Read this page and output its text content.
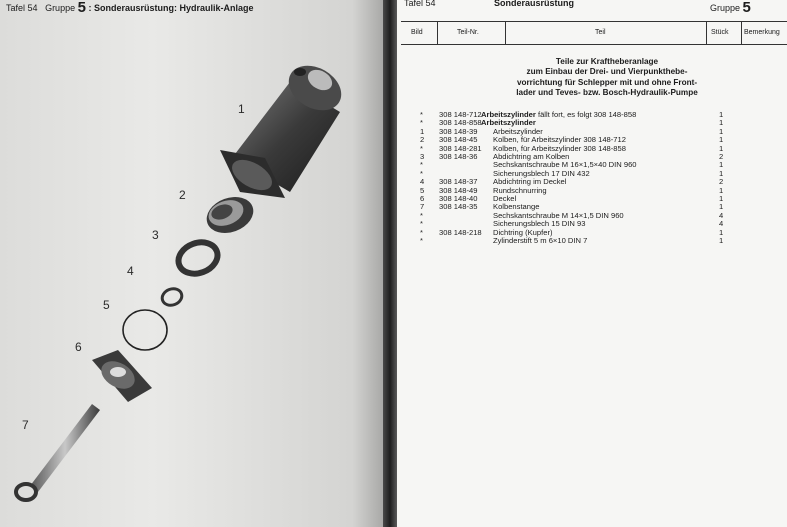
Tafel 54 Gruppe 5 : Sonderausrüstung: Hydraulik-Anlage
1
2
3
4
5
6
7
Tafel 54	Sonderausrüstung	Gruppe 5
Bild	Teil-Nr.	Teil	Stück Bemerkung
Teile zur Kraftheberanlage
zum Einbau der Drei- und Vierpunkthebe-
vorrichtung für Schlepper mit und ohne Front-
lader und Teves- bzw. Bosch-Hydraulik-Pumpe
* 308 148-712 Arbeitszylinder fällt fort, es folgt 308 148-858	1
* 308 148-858 Arbeitszylinder	1
1 308 148-39 Arbeitszylinder	1
2 308 148-45 Kolben, für Arbeitszylinder 308 148-712	1
* 308 148-281 Kolben, für Arbeitszylinder 308 148-858	1
3 308 148-36 Abdichtring am Kolben	2
*	Sechskantschraube M 16×1,5×40 DIN 960	1
*	Sicherungsblech 17 DIN 432	1
4 308 148-37 Abdichtring im Deckel	2
5 308 148-49 Rundschnurring	1
6 308 148-40 Deckel	1
7 308 148-35 Kolbenstange	1
*	Sechskantschraube M 14×1,5 DIN 960	4
*	Sicherungsblech 15 DIN 93	4
* 308 148-218 Dichtring (Kupfer)	1
*	Zylinderstift 5 m 6×10 DIN 7	1
